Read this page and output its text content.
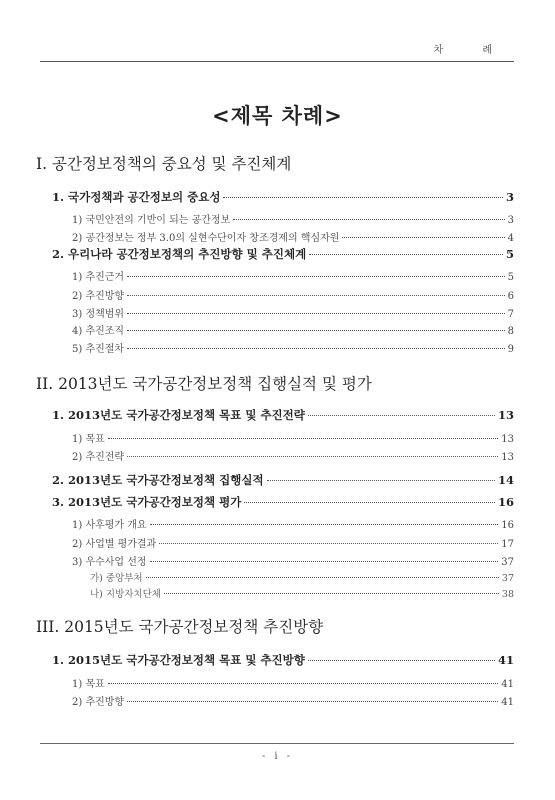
차 례
<제목 차례>
I. 공간정보정책의 중요성 및 추진체계
1. 국가정책과 공간정보의 중요성	3
1) 국민안전의 기반이 되는 공간정보	3
2) 공간정보는 정부 3.0의 실현수단이자 창조경제의 핵심자원	4
2. 우리나라 공간정보정책의 추진방향 및 추진체계	5
1) 추진근거	5
2) 추진방향	6
3) 정책범위	7
4) 추진조직	8
5) 추진절차	9
II. 2013년도 국가공간정보정책 집행실적 및 평가
1. 2013년도 국가공간정보정책 목표 및 추진전략	13
1) 목표	13
2) 추진전략	13
2. 2013년도 국가공간정보정책 집행실적	14
3. 2013년도 국가공간정보정책 평가	16
1) 사후평가 개요	16
2) 사업별 평가결과	17
3) 우수사업 선정	37
가) 중앙부처	37
나) 지방자치단체	38
III. 2015년도 국가공간정보정책 추진방향
1. 2015년도 국가공간정보정책 목표 및 추진방향	41
1) 목표	41
2) 추진방향	41
- i -
